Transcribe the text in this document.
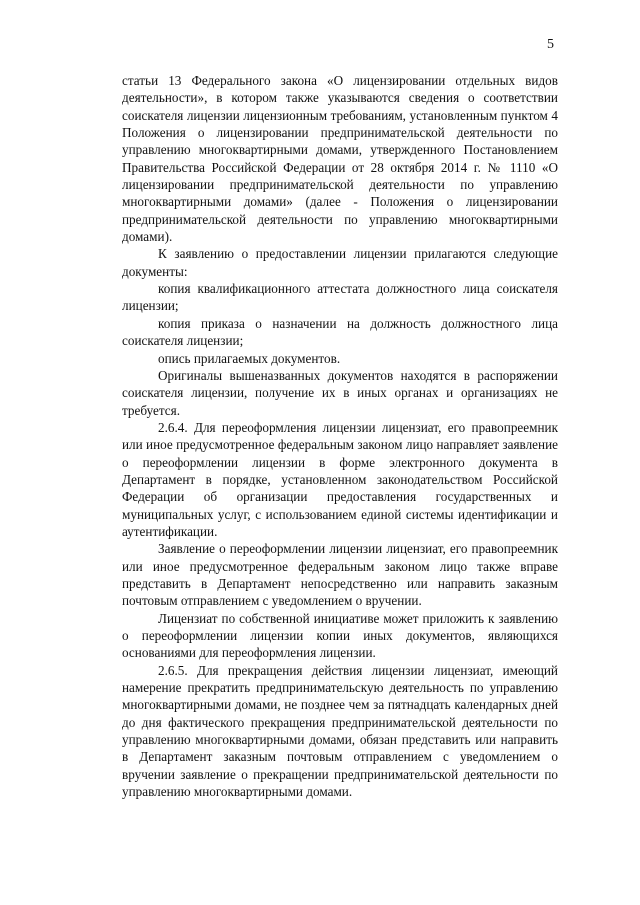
5

статьи 13 Федерального закона «О лицензировании отдельных видов деятельности», в котором также указываются сведения о соответствии соискателя лицензии лицензионным требованиям, установленным пунктом 4 Положения о лицензировании предпринимательской деятельности по управлению многоквартирными домами, утвержденного Постановлением Правительства Российской Федерации от 28 октября 2014 г. № 1110 «О лицензировании предпринимательской деятельности по управлению многоквартирными домами» (далее - Положения о лицензировании предпринимательской деятельности по управлению многоквартирными домами).

К заявлению о предоставлении лицензии прилагаются следующие документы:

копия квалификационного аттестата должностного лица соискателя лицензии;

копия приказа о назначении на должность должностного лица соискателя лицензии;

опись прилагаемых документов.

Оригиналы вышеназванных документов находятся в распоряжении соискателя лицензии, получение их в иных органах и организациях не требуется.

2.6.4. Для переоформления лицензии лицензиат, его правопреемник или иное предусмотренное федеральным законом лицо направляет заявление о переоформлении лицензии в форме электронного документа в Департамент в порядке, установленном законодательством Российской Федерации об организации предоставления государственных и муниципальных услуг, с использованием единой системы идентификации и аутентификации.

Заявление о переоформлении лицензии лицензиат, его правопреемник или иное предусмотренное федеральным законом лицо также вправе представить в Департамент непосредственно или направить заказным почтовым отправлением с уведомлением о вручении.

Лицензиат по собственной инициативе может приложить к заявлению о переоформлении лицензии копии иных документов, являющихся основаниями для переоформления лицензии.

2.6.5. Для прекращения действия лицензии лицензиат, имеющий намерение прекратить предпринимательскую деятельность по управлению многоквартирными домами, не позднее чем за пятнадцать календарных дней до дня фактического прекращения предпринимательской деятельности по управлению многоквартирными домами, обязан представить или направить в Департамент заказным почтовым отправлением с уведомлением о вручении заявление о прекращении предпринимательской деятельности по управлению многоквартирными домами.
